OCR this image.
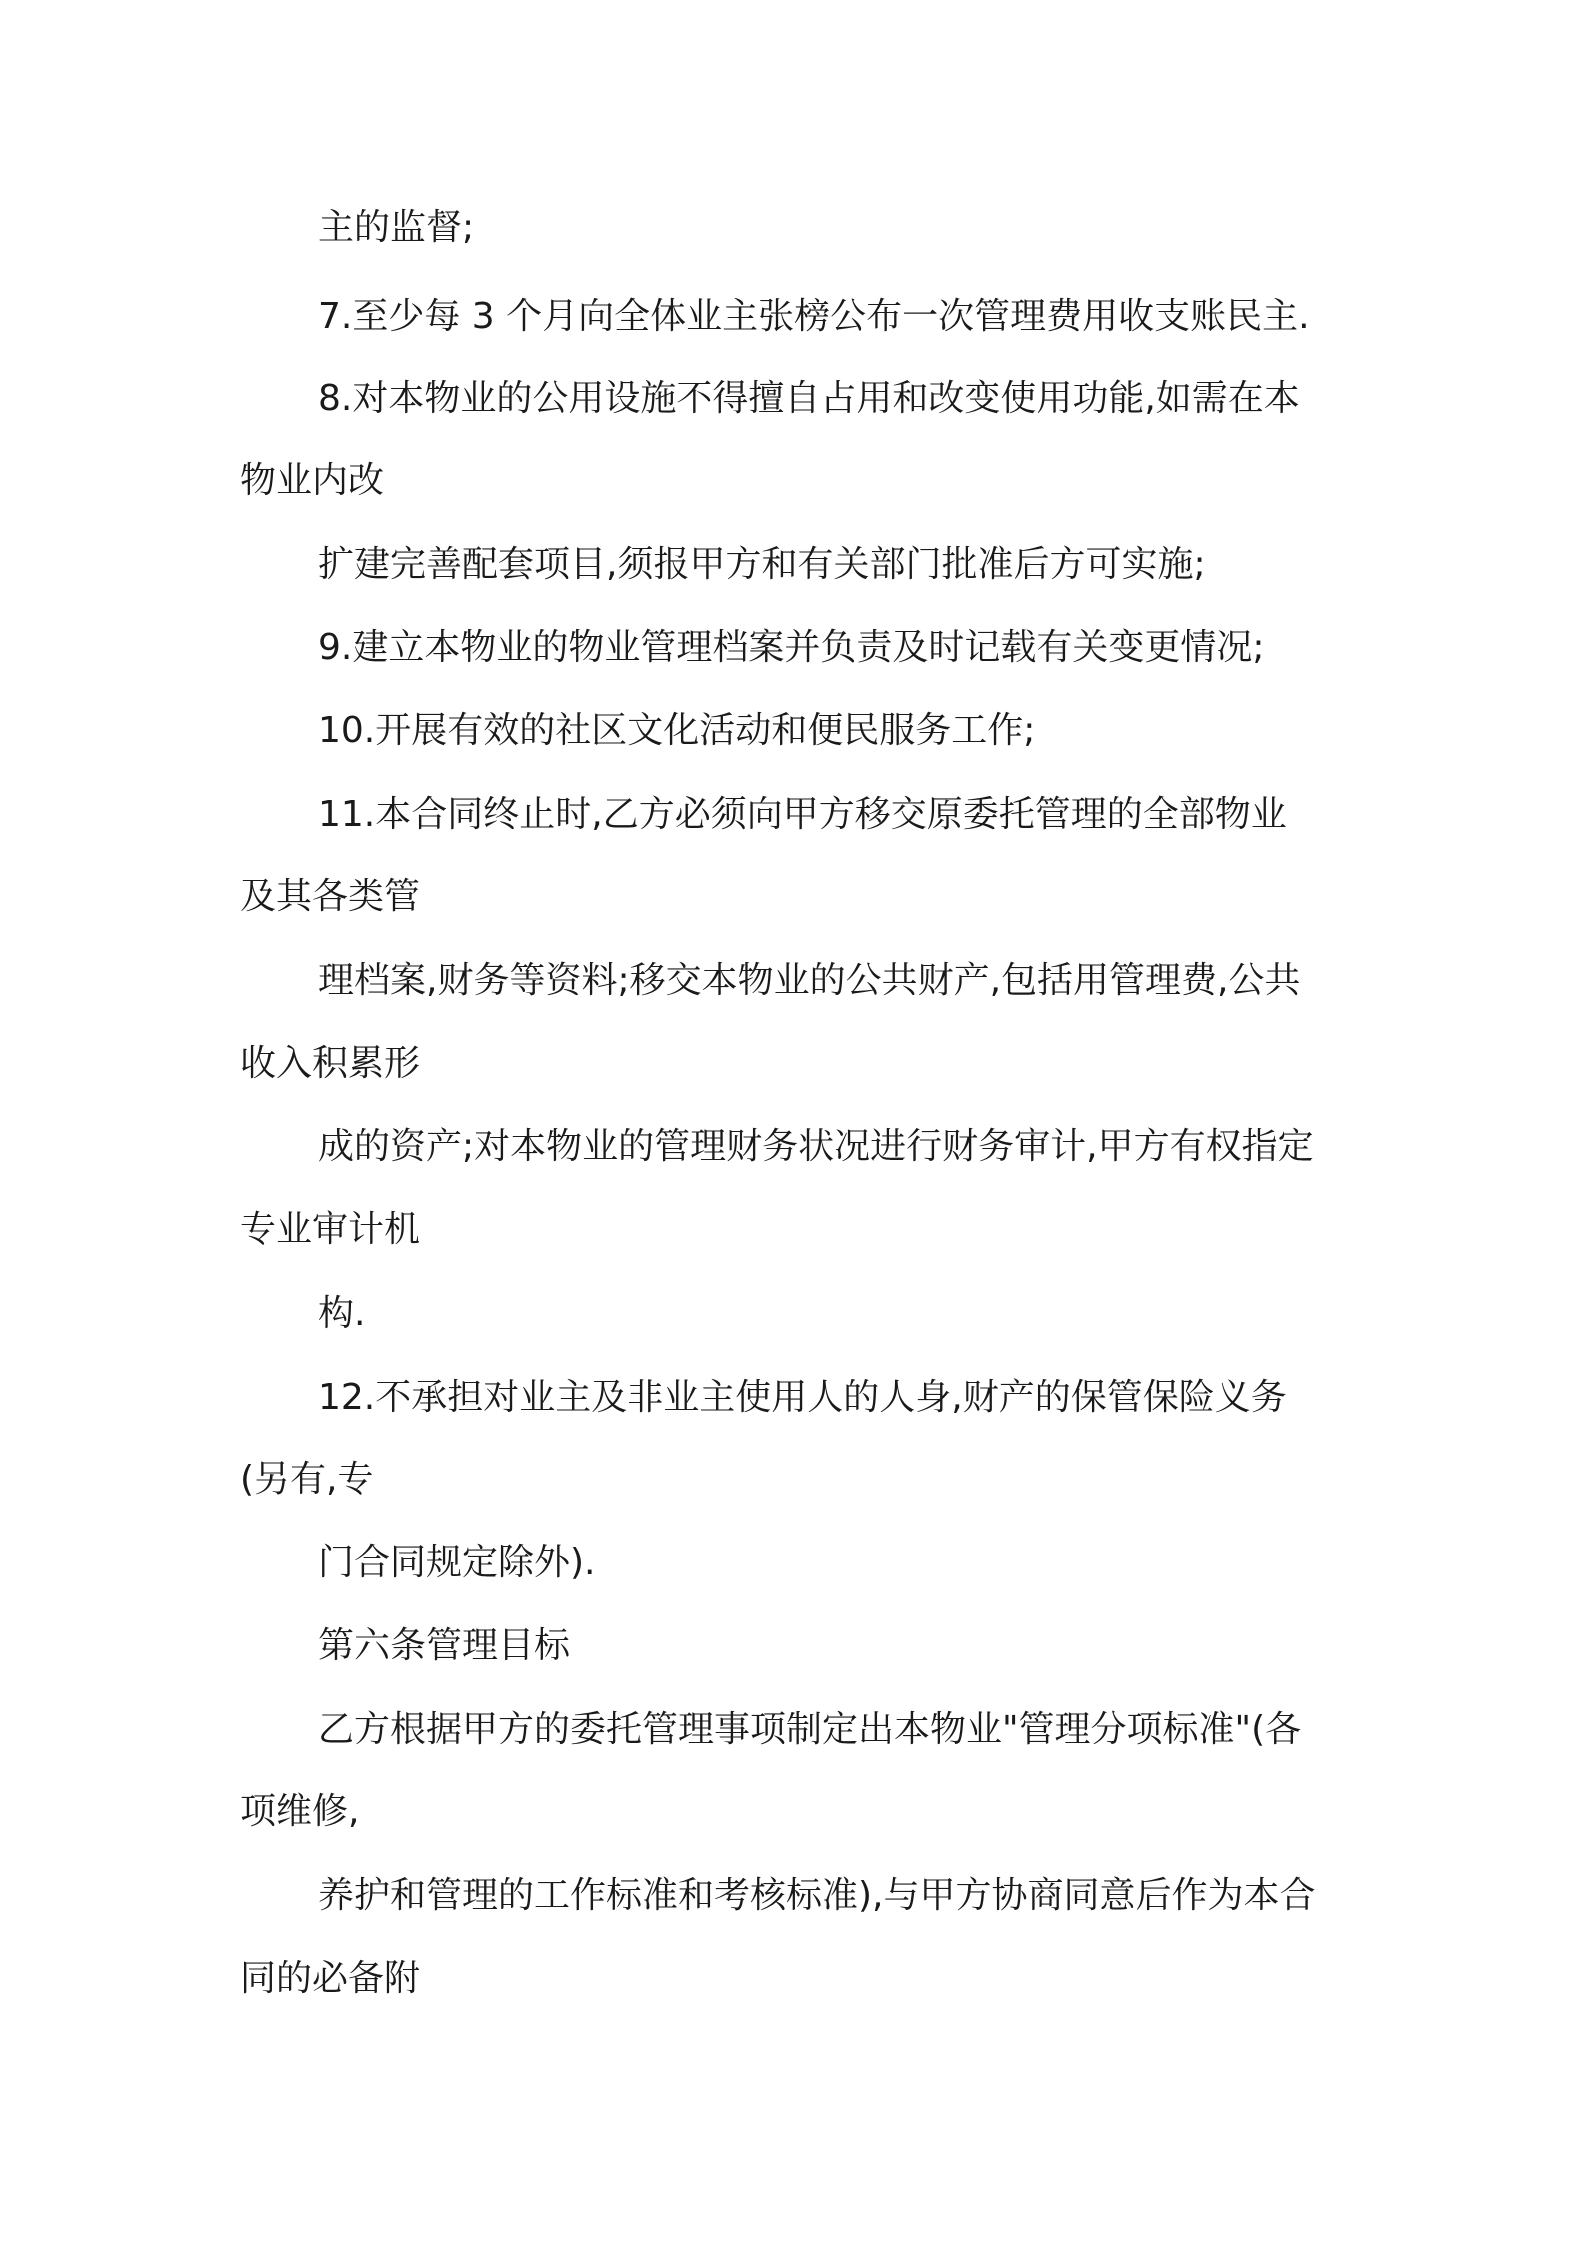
主的监督;

7.至少每 3 个月向全体业主张榜公布一次管理费用收支账民主.

8.对本物业的公用设施不得擅自占用和改变使用功能,如需在本

物业内改

扩建完善配套项目,须报甲方和有关部门批准后方可实施;

9.建立本物业的物业管理档案并负责及时记载有关变更情况;

10.开展有效的社区文化活动和便民服务工作;

11.本合同终止时,乙方必须向甲方移交原委托管理的全部物业

及其各类管

理档案,财务等资料;移交本物业的公共财产,包括用管理费,公共

收入积累形

成的资产;对本物业的管理财务状况进行财务审计,甲方有权指定

专业审计机

构.

12.不承担对业主及非业主使用人的人身,财产的保管保险义务

(另有,专

门合同规定除外).

第六条管理目标

乙方根据甲方的委托管理事项制定出本物业"管理分项标准"(各

项维修,

养护和管理的工作标准和考核标准),与甲方协商同意后作为本合

同的必备附
